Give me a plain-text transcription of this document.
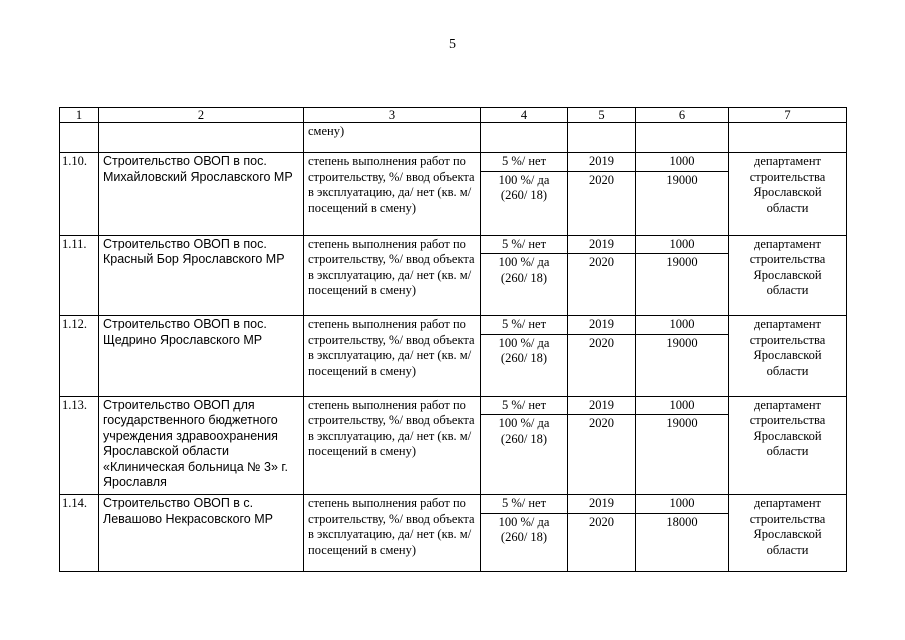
5
1	2	3	4	5	6	7
		смену)				
1.10.	Строительство ОВОП в пос. Михайловский Ярославского МР	степень выполнения работ по строительству, %/ ввод объекта в эксплуатацию, да/ нет (кв. м/ посещений в смену)	5 %/ нет	2019	1000	департамент строительства Ярославской области
			100 %/ да (260/ 18)	2020	19000	
1.11.	Строительство ОВОП в пос. Красный Бор Ярославского МР	степень выполнения работ по строительству, %/ ввод объекта в эксплуатацию, да/ нет (кв. м/ посещений в смену)	5 %/ нет	2019	1000	департамент строительства Ярославской области
			100 %/ да (260/ 18)	2020	19000	
1.12.	Строительство ОВОП в пос. Щедрино Ярославского МР	степень выполнения работ по строительству, %/ ввод объекта в эксплуатацию, да/ нет (кв. м/ посещений в смену)	5 %/ нет	2019	1000	департамент строительства Ярославской области
			100 %/ да (260/ 18)	2020	19000	
1.13.	Строительство ОВОП для государственного бюджетного учреждения здравоохранения Ярославской области «Клиническая больница № 3» г. Ярославля	степень выполнения работ по строительству, %/ ввод объекта в эксплуатацию, да/ нет (кв. м/ посещений в смену)	5 %/ нет	2019	1000	департамент строительства Ярославской области
			100 %/ да (260/ 18)	2020	19000	
1.14.	Строительство ОВОП в с. Левашово Некрасовского МР	степень выполнения работ по строительству, %/ ввод объекта в эксплуатацию, да/ нет (кв. м/ посещений в смену)	5 %/ нет	2019	1000	департамент строительства Ярославской области
			100 %/ да (260/ 18)	2020	18000	
